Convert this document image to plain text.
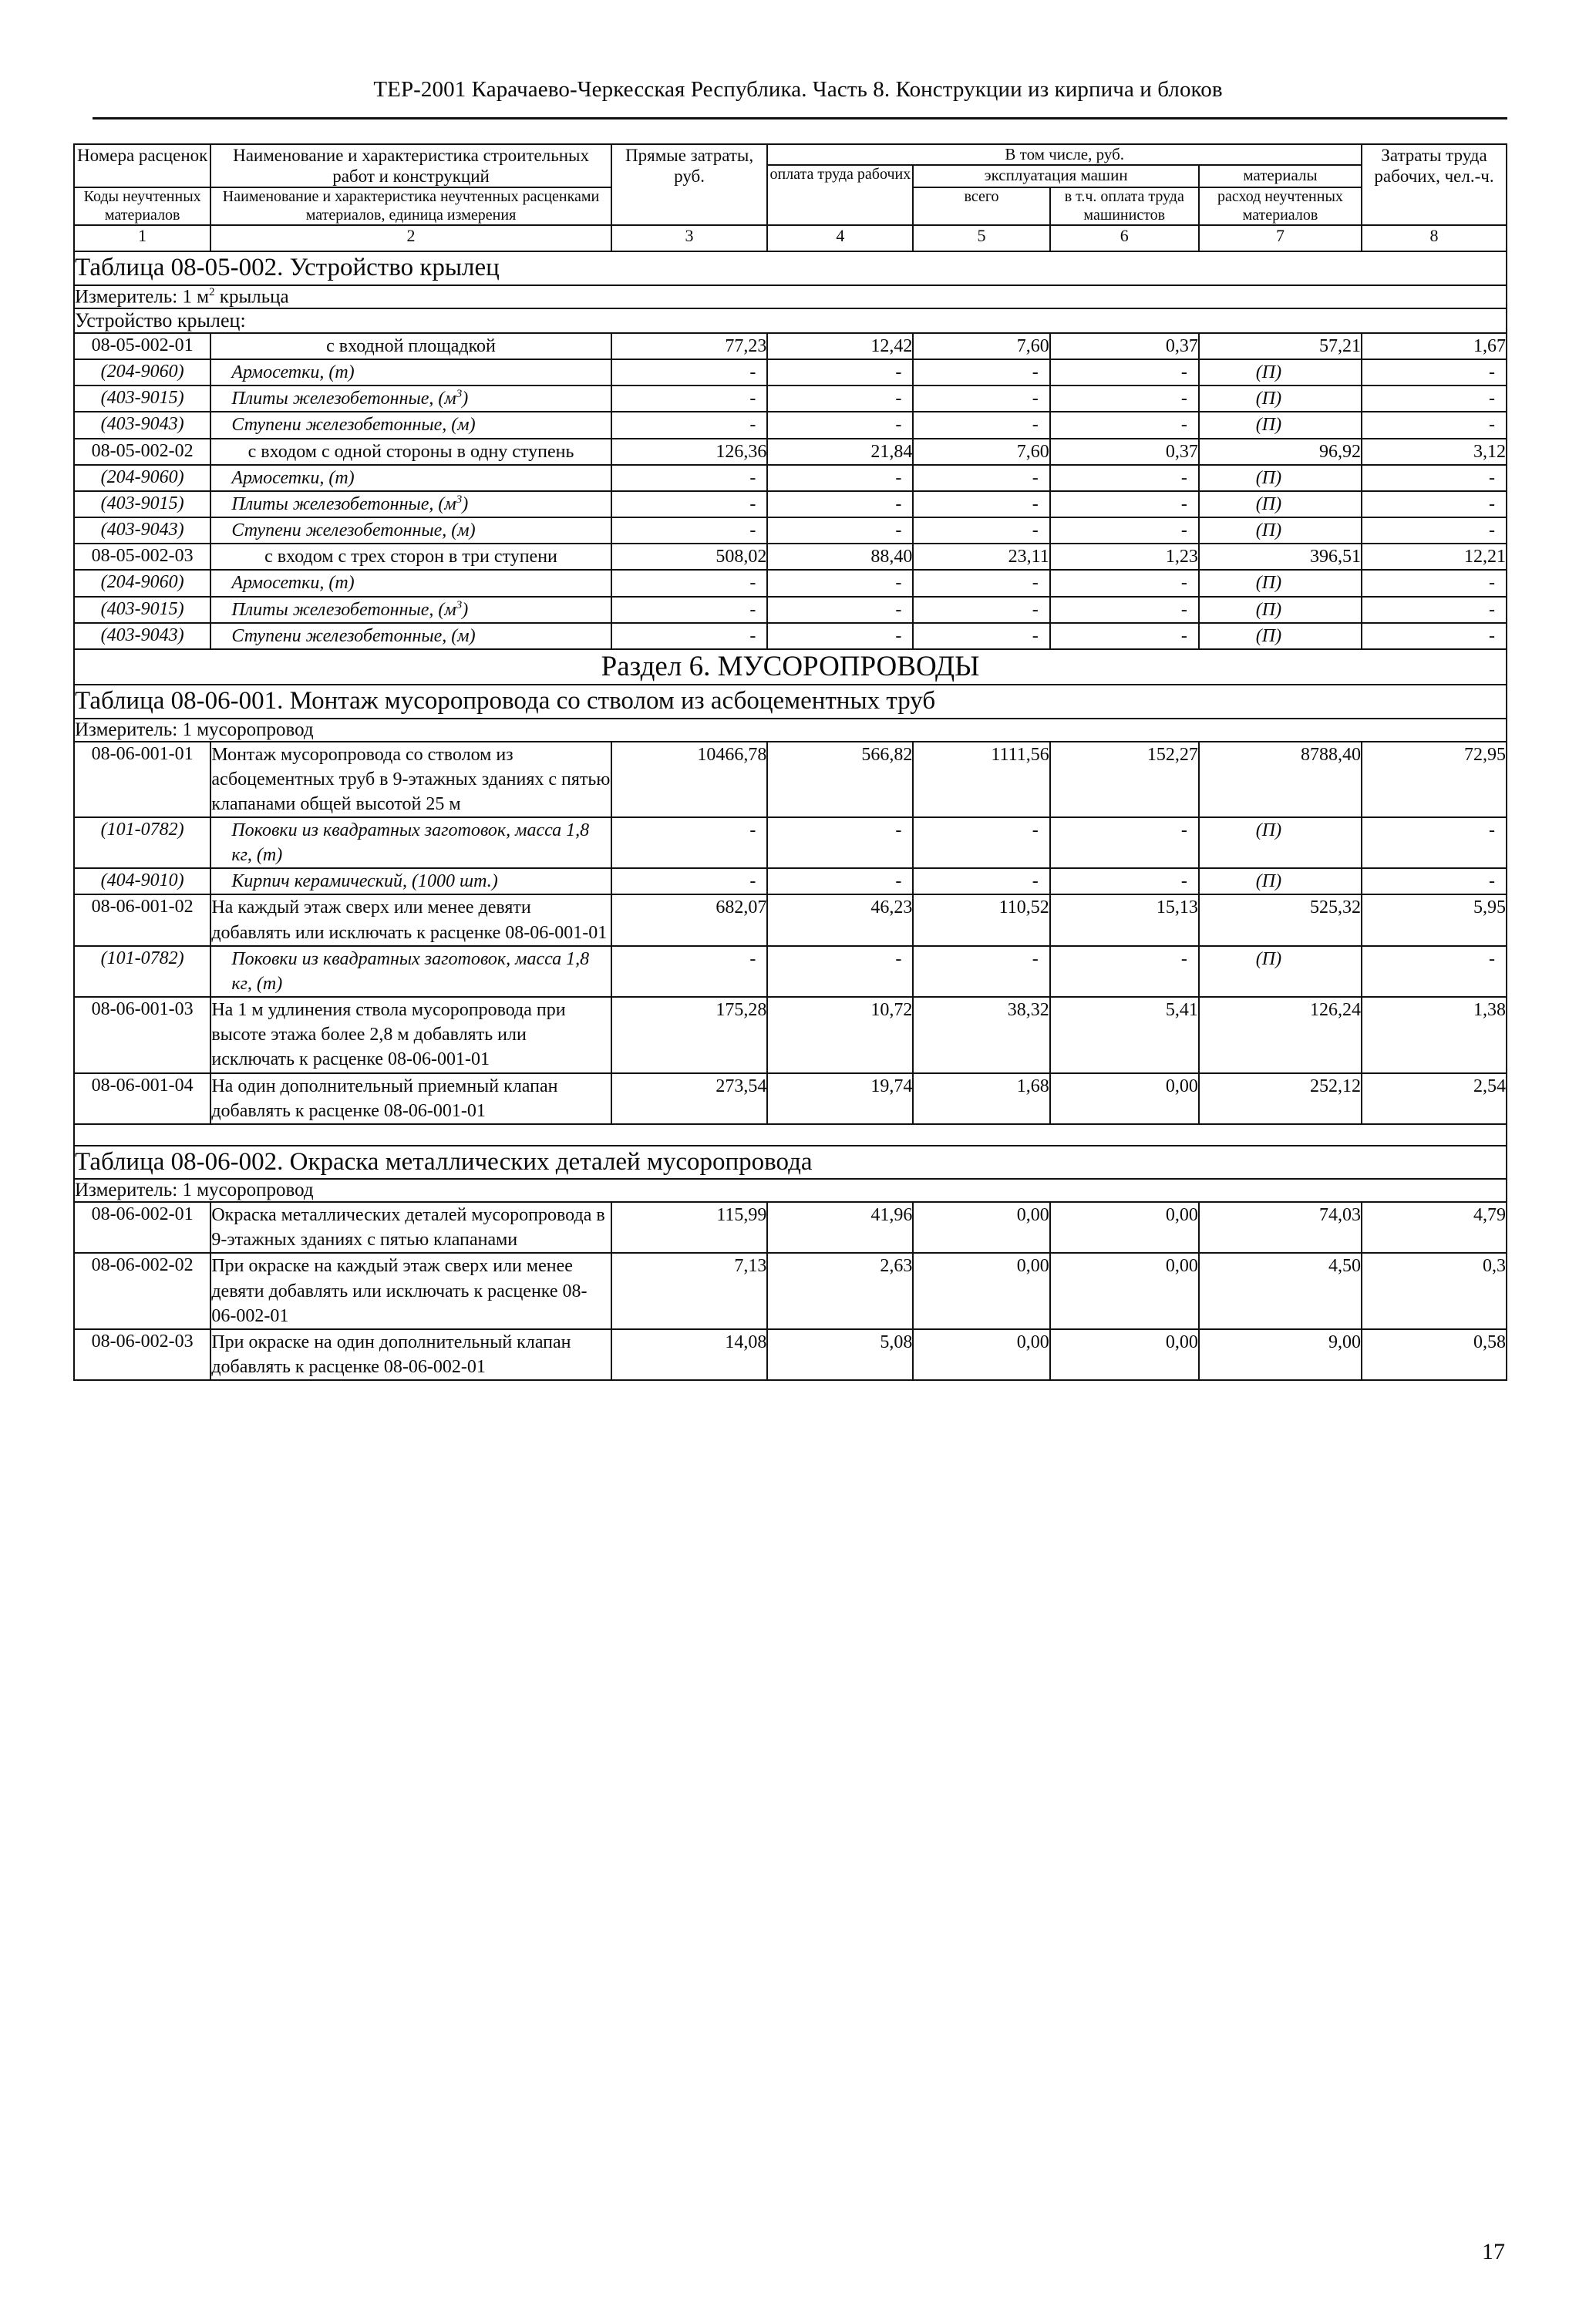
ТЕР-2001 Карачаево-Черкесская Республика. Часть 8. Конструкции из кирпича и блоков
Номера расценок	Наименование и характеристика строительных работ и конструкций	Прямые затраты, руб.	В том числе, руб.				Затраты труда рабочих, чел.-ч.
			оплата труда рабочих	эксплуатация машин		материалы	
Коды неучтенных материалов	Наименование и характеристика неучтенных расценками материалов, единица измерения			всего	в т.ч. оплата труда машинистов		
						расход неучтенных материалов	
1	2	3	4	5	6	7	8
Таблица 08-05-002. Устройство крылец							
Измеритель: 1 $м^2$ крыльца							
Устройство крылец:							
08-05-002-01	с входной площадкой	77,23	12,42	7,60	0,37	57,21	1,67
(204-9060)	Армосетки, (т)	-	-	-	-	(П)	-
(403-9015)	Плиты железобетонные, $(м^3)$	-	-	-	-	(П)	-
(403-9043)	Ступени железобетонные, (м)	-	-	-	-	(П)	-
08-05-002-02	с входом с одной стороны в одну ступень	126,36	21,84	7,60	0,37	96,92	3,12
(204-9060)	Армосетки, (т)	-	-	-	-	(П)	-
(403-9015)	Плиты железобетонные, $(м^3)$	-	-	-	-	(П)	-
(403-9043)	Ступени железобетонные, (м)	-	-	-	-	(П)	-
08-05-002-03	с входом с трех сторон в три ступени	508,02	88,40	23,11	1,23	396,51	12,21
(204-9060)	Армосетки, (т)	-	-	-	-	(П)	-
(403-9015)	Плиты железобетонные, $(м^3)$	-	-	-	-	(П)	-
(403-9043)	Ступени железобетонные, (м)	-	-	-	-	(П)	-
Раздел 6. МУСОРОПРОВОДЫ							
Таблица 08-06-001. Монтаж мусоропровода со стволом из асбоцементных труб							
Измеритель: 1 мусоропровод							
08-06-001-01	Монтаж мусоропровода со стволом из асбоцементных труб в 9-этажных зданиях с пятью клапанами общей высотой 25 м	10466,78	566,82	1111,56	152,27	8788,40	72,95
(101-0782)	Поковки из квадратных заготовок, масса 1,8 кг, (т)	-	-	-	-	(П)	-
(404-9010)	Кирпич керамический, (1000 шт.)	-	-	-	-	(П)	-
08-06-001-02	На каждый этаж сверх или менее девяти добавлять или исключать к расценке 08-06-001-01	682,07	46,23	110,52	15,13	525,32	5,95
(101-0782)	Поковки из квадратных заготовок, масса 1,8 кг, (т)	-	-	-	-	(П)	-
08-06-001-03	На 1 м удлинения ствола мусоропровода при высоте этажа более 2,8 м добавлять или исключать к расценке 08-06-001-01	175,28	10,72	38,32	5,41	126,24	1,38
08-06-001-04	На один дополнительный приемный клапан добавлять к расценке 08-06-001-01	273,54	19,74	1,68	0,00	252,12	2,54

Таблица 08-06-002. Окраска металлических деталей мусоропровода							
Измеритель: 1 мусоропровод							
08-06-002-01	Окраска металлических деталей мусоропровода в 9-этажных зданиях с пятью клапанами	115,99	41,96	0,00	0,00	74,03	4,79
08-06-002-02	При окраске на каждый этаж сверх или менее девяти добавлять или исключать к расценке 08-06-002-01	7,13	2,63	0,00	0,00	4,50	0,3
08-06-002-03	При окраске на один дополнительный клапан добавлять к расценке 08-06-002-01	14,08	5,08	0,00	0,00	9,00	0,58
17
